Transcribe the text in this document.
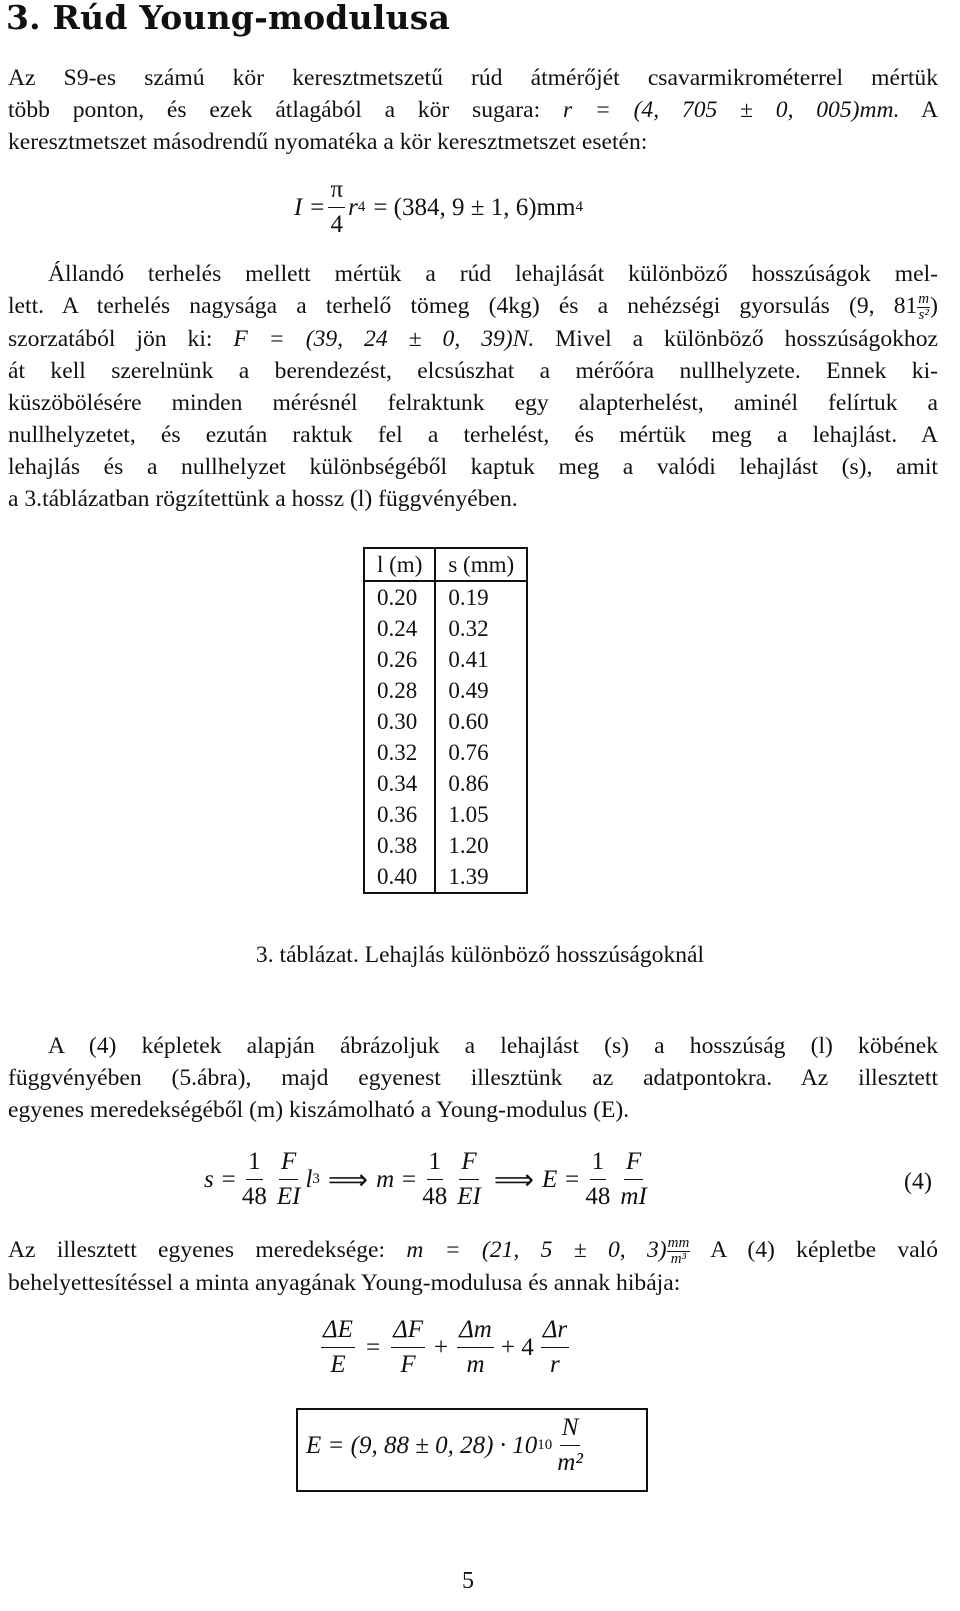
3. Rúd Young-modulusa
Az S9-es számú kör keresztmetszetű rúd átmérőjét csavarmikrométerrel mértük
több ponton, és ezek átlagából a kör sugara: r = (4, 705 ± 0, 005)mm. A
keresztmetszet másodrendű nyomatéka a kör keresztmetszet esetén:
$I = \frac{\pi}{4}$ r 4 = (384, 9 ± 1, 6)mm 4
Állandó terhelés mellett mértük a rúd lehajlását különböző hosszúságok mel-
lett. A terhelés nagysága a terhelő tömeg (4kg) és a nehézségi gyorsulás (9, $81 \frac{m}{\text{s²}}$ )
szorzatából jön ki: F = (39, 24 ± 0, 39)N. Mivel a különböző hosszúságokhoz
át kell szerelnünk a berendezést, elcsúszhat a mérőóra nullhelyzete. Ennek ki-
küszöbölésére minden mérésnél felraktunk egy alapterhelést, aminél felírtuk a
nullhelyzetet, és ezután raktuk fel a terhelést, és mértük meg a lehajlást. A
lehajlás és a nullhelyzet különbségéből kaptuk meg a valódi lehajlást (s), amit
a 3.táblázatban rögzítettünk a hossz (l) függvényében.
l (m)	s (mm)
0.20	0.19
0.24	0.32
0.26	0.41
0.28	0.49
0.30	0.60
0.32	0.76
0.34	0.86
0.36	1.05
0.38	1.20
0.40	1.39
3. táblázat. Lehajlás különböző hosszúságoknál
A (4) képletek alapján ábrázoljuk a lehajlást (s) a hosszúság (l) köbének
függvényében (5.ábra), majd egyenest illesztünk az adatpontokra. Az illesztett
egyenes meredekségéből (m) kiszámolható a Young-modulus (E).
$s = \frac{1}{48} \frac{F}{EI}$ l 3 ⟹ $m = \frac{1}{48} \frac{F}{EI}$ ⟹ $E = \frac{1}{48} \frac{F}{mI}$	(4)
Az illesztett egyenes meredeksége: m = (21, 5 ± 0, $3) \frac{mm}{\text{m³}}$ A (4) képletbe való
behelyettesítéssel a minta anyagának Young-modulusa és annak hibája:
$\frac{\Delta E}{E} = \frac{\Delta F}{F} + \frac{\Delta m}{m} + 4 \frac{\Delta r}{r}$
E = (9, 88 ± 0, 28) · 10 $10 \frac{N}{\text{m²}}$
5
